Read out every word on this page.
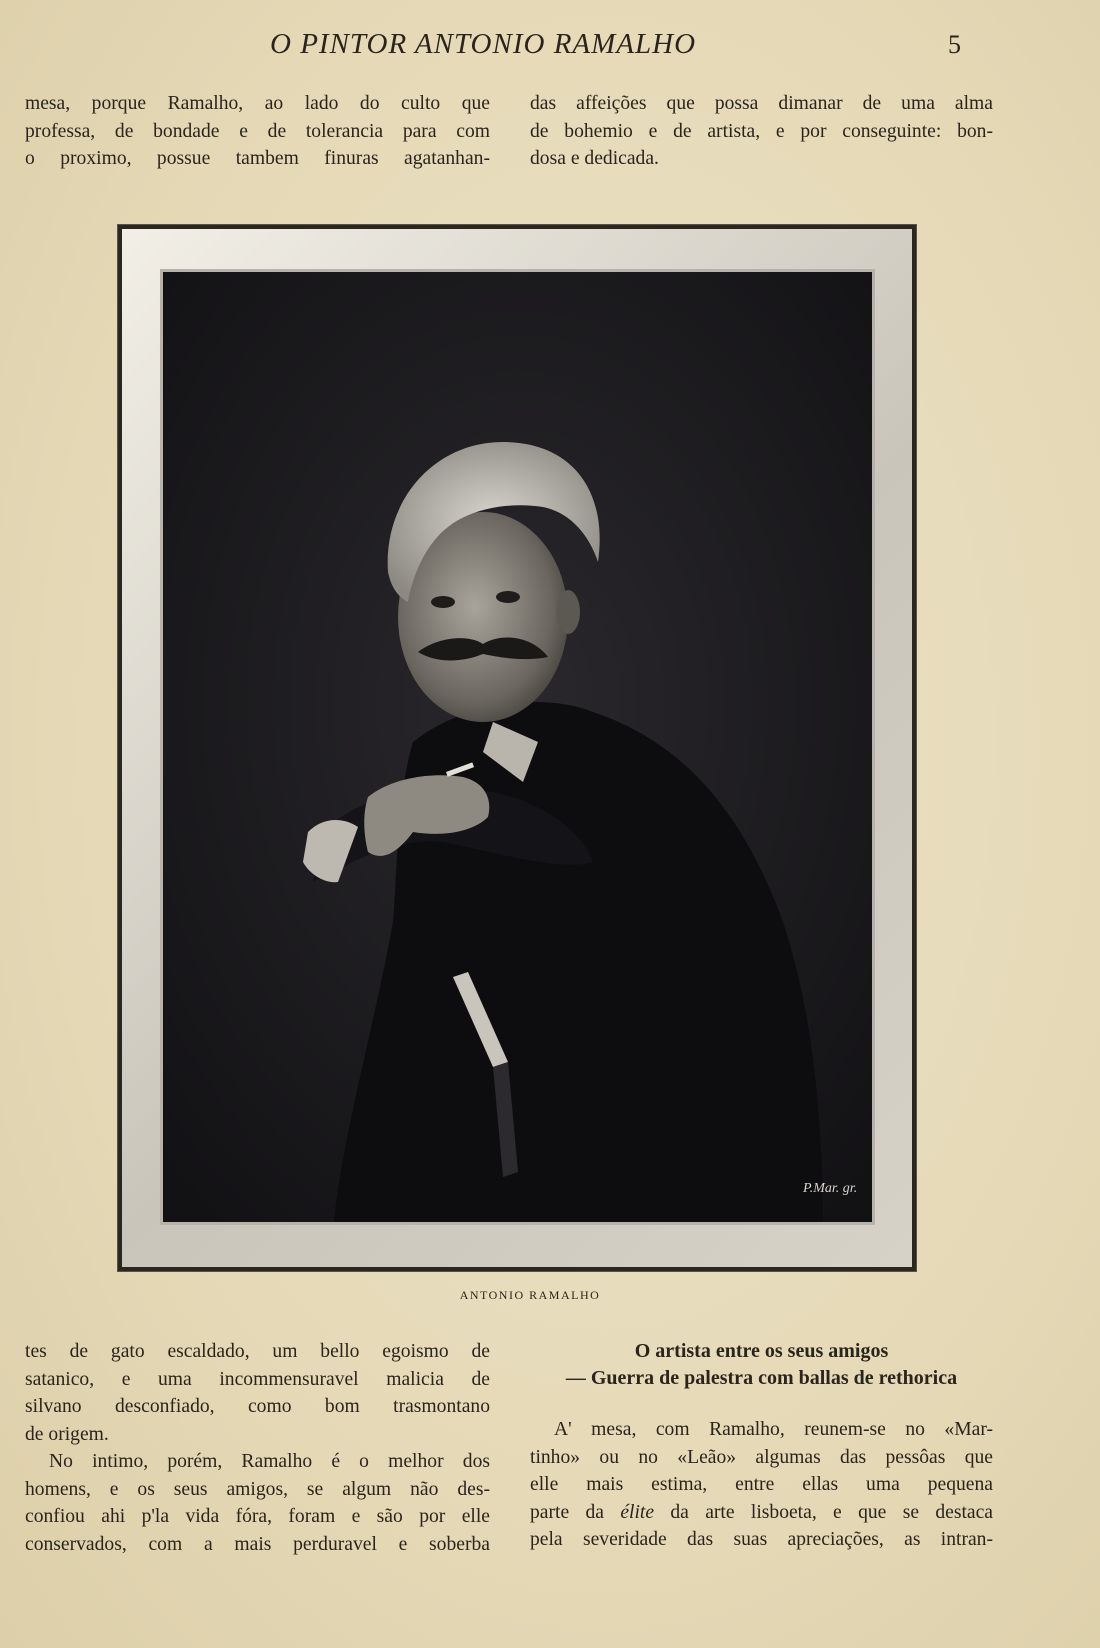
O PINTOR ANTONIO RAMALHO	5

mesa, porque Ramalho, ao lado do culto que

professa, de bondade e de tolerancia para com

o proximo, possue tambem finuras agatanhan-

das affeições que possa dimanar de uma alma

de bohemio e de artista, e por conseguinte: bon-

dosa e dedicada.

P.Mar. gr.
ANTONIO RAMALHO

tes de gato escaldado, um bello egoismo de

satanico, e uma incommensuravel malicia de

silvano desconfiado, como bom trasmontano

de origem.

No intimo, porém, Ramalho é o melhor dos

homens, e os seus amigos, se algum não des-

confiou ahi p'la vida fóra, foram e são por elle

conservados, com a mais perduravel e soberba

O artista entre os seus amigos

— Guerra de palestra com ballas de rethorica

A' mesa, com Ramalho, reunem-se no «Mar-

tinho» ou no «Leão» algumas das pessôas que

elle mais estima, entre ellas uma pequena

parte da élite da arte lisboeta, e que se destaca

pela severidade das suas apreciações, as intran-
